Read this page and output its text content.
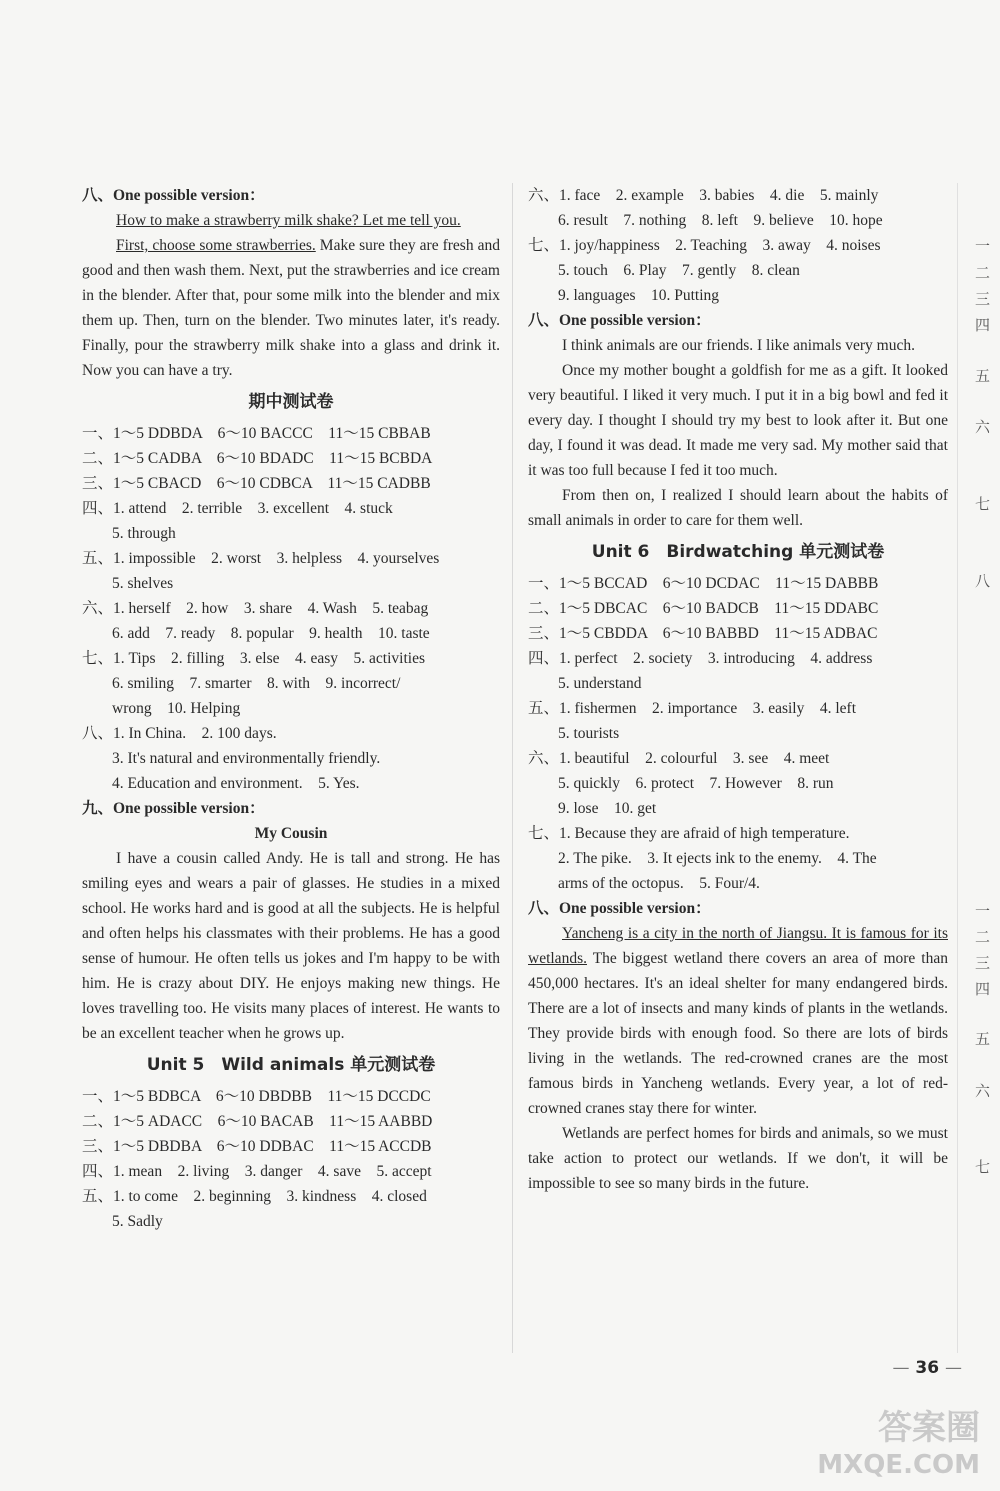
八、One possible version：
How to make a strawberry milk shake? Let me tell you.
First, choose some strawberries. Make sure they are fresh and good and then wash them. Next, put the strawberries and ice cream in the blender. After that, pour some milk into the blender and mix them up. Then, turn on the blender. Two minutes later, it's ready. Finally, pour the strawberry milk shake into a glass and drink it. Now you can have a try.
期中测试卷
一、1～5 DDBDA　6～10 BACCC　11～15 CBBAB
二、1～5 CADBA　6～10 BDADC　11～15 BCBDA
三、1～5 CBACD　6～10 CDBCA　11～15 CADBB
四、1. attend　2. terrible　3. excellent　4. stuck
5. through
五、1. impossible　2. worst　3. helpless　4. yourselves
5. shelves
六、1. herself　2. how　3. share　4. Wash　5. teabag
6. add　7. ready　8. popular　9. health　10. taste
七、1. Tips　2. filling　3. else　4. easy　5. activities
6. smiling　7. smarter　8. with　9. incorrect/
wrong　10. Helping
八、1. In China.　2. 100 days.
3. It's natural and environmentally friendly.
4. Education and environment.　5. Yes.
九、One possible version：
My Cousin
I have a cousin called Andy. He is tall and strong. He has smiling eyes and wears a pair of glasses. He studies in a mixed school. He works hard and is good at all the subjects. He is helpful and often helps his classmates with their problems. He has a good sense of humour. He often tells us jokes and I'm happy to be with him. He is crazy about DIY. He enjoys making new things. He loves travelling too. He visits many places of interest. He wants to be an excellent teacher when he grows up.
Unit 5　Wild animals 单元测试卷
一、1～5 BDBCA　6～10 DBDBB　11～15 DCCDC
二、1～5 ADACC　6～10 BACAB　11～15 AABBD
三、1～5 DBDBA　6～10 DDBAC　11～15 ACCDB
四、1. mean　2. living　3. danger　4. save　5. accept
五、1. to come　2. beginning　3. kindness　4. closed
5. Sadly
六、1. face　2. example　3. babies　4. die　5. mainly
6. result　7. nothing　8. left　9. believe　10. hope
七、1. joy/happiness　2. Teaching　3. away　4. noises
5. touch　6. Play　7. gently　8. clean
9. languages　10. Putting
八、One possible version：
I think animals are our friends. I like animals very much.
Once my mother bought a goldfish for me as a gift. It looked very beautiful. I liked it very much. I put it in a big bowl and fed it every day. I thought I should try my best to look after it. But one day, I found it was dead. It made me very sad. My mother said that it was too full because I fed it too much.
From then on, I realized I should learn about the habits of small animals in order to care for them well.
Unit 6　Birdwatching 单元测试卷
一、1～5 BCCAD　6～10 DCDAC　11～15 DABBB
二、1～5 DBCAC　6～10 BADCB　11～15 DDABC
三、1～5 CBDDA　6～10 BABBD　11～15 ADBAC
四、1. perfect　2. society　3. introducing　4. address
5. understand
五、1. fishermen　2. importance　3. easily　4. left
5. tourists
六、1. beautiful　2. colourful　3. see　4. meet
5. quickly　6. protect　7. However　8. run
9. lose　10. get
七、1. Because they are afraid of high temperature.
2. The pike.　3. It ejects ink to the enemy.　4. The
arms of the octopus.　5. Four/4.
八、One possible version：
Yancheng is a city in the north of Jiangsu. It is famous for its wetlands. The biggest wetland there covers an area of more than 450,000 hectares. It's an ideal shelter for many endangered birds. There are a lot of insects and many kinds of plants in the wetlands. They provide birds with enough food. So there are lots of birds living in the wetlands. The red-crowned cranes are the most famous birds in Yancheng wetlands. Every year, a lot of red-crowned cranes stay there for winter.
Wetlands are perfect homes for birds and animals, so we must take action to protect our wetlands. If we don't, it will be impossible to see so many birds in the future.
一
二
三
四
五
六
七
八
一
二
三
四
五
六
七
— 36 —
答案圈
MXQE.COM
